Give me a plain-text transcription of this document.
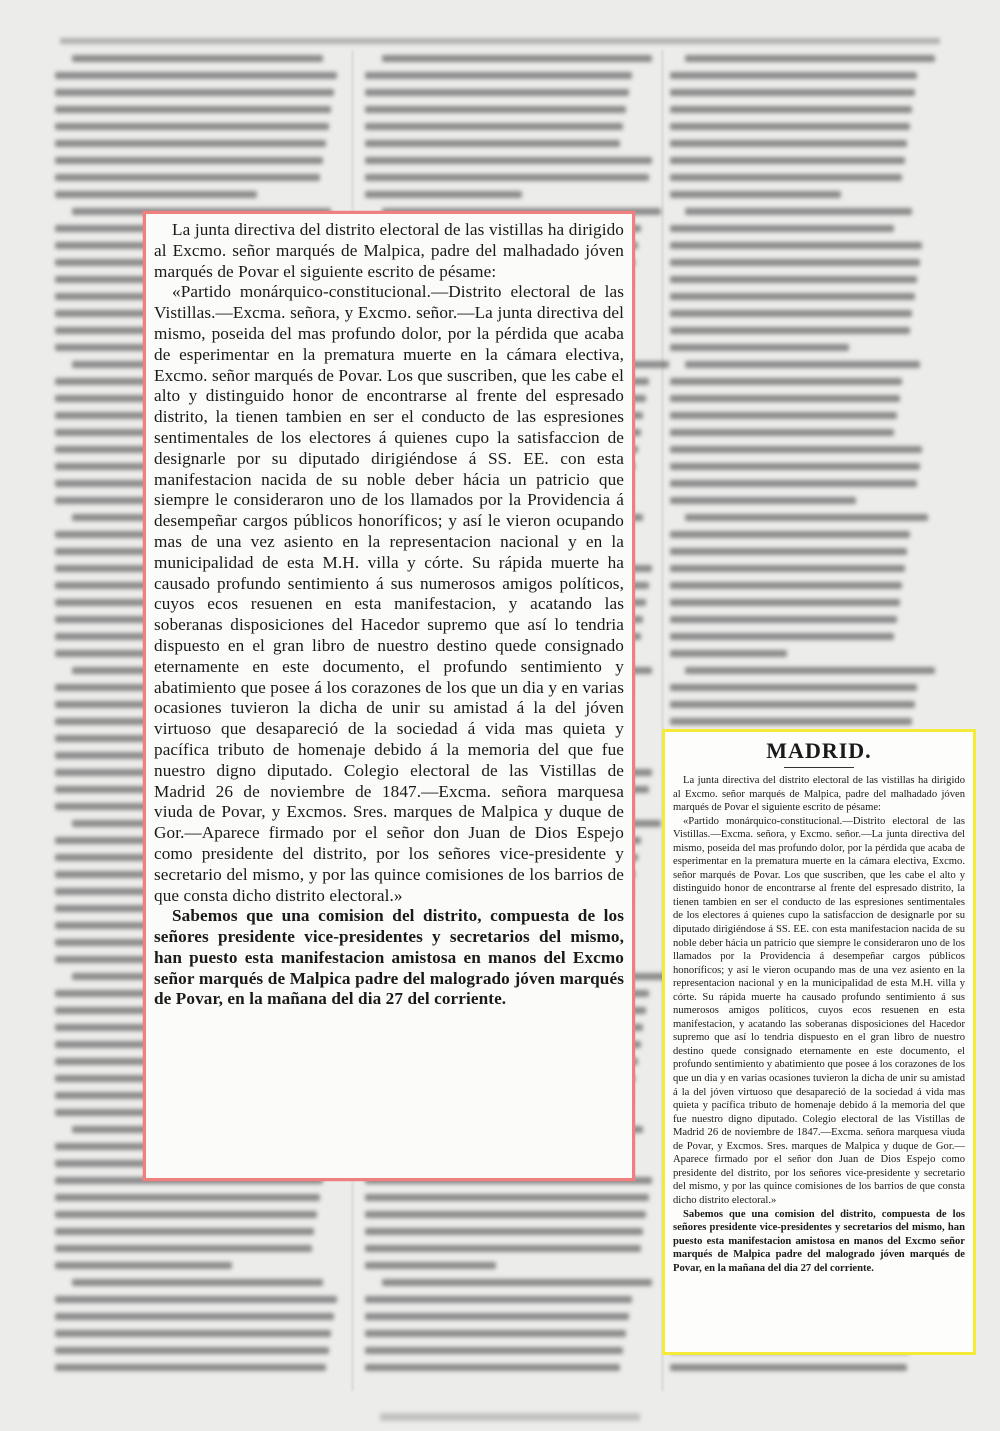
La junta directiva del distrito electoral de las vistillas ha dirigido al Excmo. señor marqués de Malpica, padre del malhadado jóven marqués de Povar el siguiente escrito de pésame:

«Partido monárquico-constitucional.—Distrito electoral de las Vistillas.—Excma. señora, y Excmo. señor.—La junta directiva del mismo, poseida del mas profundo dolor, por la pérdida que acaba de esperimentar en la prematura muerte en la cámara electiva, Excmo. señor marqués de Povar. Los que suscriben, que les cabe el alto y distinguido honor de encontrarse al frente del espresado distrito, la tienen tambien en ser el conducto de las espresiones sentimentales de los electores á quienes cupo la satisfaccion de designarle por su diputado dirigiéndose á SS. EE. con esta manifestacion nacida de su noble deber hácia un patricio que siempre le consideraron uno de los llamados por la Providencia á desempeñar cargos públicos honoríficos; y así le vieron ocupando mas de una vez asiento en la representacion nacional y en la municipalidad de esta M.H. villa y córte. Su rápida muerte ha causado profundo sentimiento á sus numerosos amigos políticos, cuyos ecos resuenen en esta manifestacion, y acatando las soberanas disposiciones del Hacedor supremo que así lo tendria dispuesto en el gran libro de nuestro destino quede consignado eternamente en este documento, el profundo sentimiento y abatimiento que posee á los corazones de los que un dia y en varias ocasiones tuvieron la dicha de unir su amistad á la del jóven virtuoso que desapareció de la sociedad á vida mas quieta y pacífica tributo de homenaje debido á la memoria del que fue nuestro digno diputado. Colegio electoral de las Vistillas de Madrid 26 de noviembre de 1847.—Excma. señora marquesa viuda de Povar, y Excmos. Sres. marques de Malpica y duque de Gor.—Aparece firmado por el señor don Juan de Dios Espejo como presidente del distrito, por los señores vice-presidente y secretario del mismo, y por las quince comisiones de los barrios de que consta dicho distrito electoral.»

Sabemos que una comision del distrito, compuesta de los señores presidente vice-presidentes y secretarios del mismo, han puesto esta manifestacion amistosa en manos del Excmo señor marqués de Malpica padre del malogrado jóven marqués de Povar, en la mañana del dia 27 del corriente.

MADRID.

La junta directiva del distrito electoral de las vistillas ha dirigido al Excmo. señor marqués de Malpica, padre del malhadado jóven marqués de Povar el siguiente escrito de pésame:

«Partido monárquico-constitucional.—Distrito electoral de las Vistillas.—Excma. señora, y Excmo. señor.—La junta directiva del mismo, poseida del mas profundo dolor, por la pérdida que acaba de esperimentar en la prematura muerte en la cámara electiva, Excmo. señor marqués de Povar. Los que suscriben, que les cabe el alto y distinguido honor de encontrarse al frente del espresado distrito, la tienen tambien en ser el conducto de las espresiones sentimentales de los electores á quienes cupo la satisfaccion de designarle por su diputado dirigiéndose á SS. EE. con esta manifestacion nacida de su noble deber hácia un patricio que siempre le consideraron uno de los llamados por la Providencia á desempeñar cargos públicos honoríficos; y así le vieron ocupando mas de una vez asiento en la representacion nacional y en la municipalidad de esta M.H. villa y córte. Su rápida muerte ha causado profundo sentimiento á sus numerosos amigos políticos, cuyos ecos resuenen en esta manifestacion, y acatando las soberanas disposiciones del Hacedor supremo que así lo tendria dispuesto en el gran libro de nuestro destino quede consignado eternamente en este documento, el profundo sentimiento y abatimiento que posee á los corazones de los que un dia y en varias ocasiones tuvieron la dicha de unir su amistad á la del jóven virtuoso que desapareció de la sociedad á vida mas quieta y pacífica tributo de homenaje debido á la memoria del que fue nuestro digno diputado. Colegio electoral de las Vistillas de Madrid 26 de noviembre de 1847.—Excma. señora marquesa viuda de Povar, y Excmos. Sres. marques de Malpica y duque de Gor.—Aparece firmado por el señor don Juan de Dios Espejo como presidente del distrito, por los señores vice-presidente y secretario del mismo, y por las quince comisiones de los barrios de que consta dicho distrito electoral.»

Sabemos que una comision del distrito, compuesta de los señores presidente vice-presidentes y secretarios del mismo, han puesto esta manifestacion amistosa en manos del Excmo señor marqués de Malpica padre del malogrado jóven marqués de Povar, en la mañana del dia 27 del corriente.
